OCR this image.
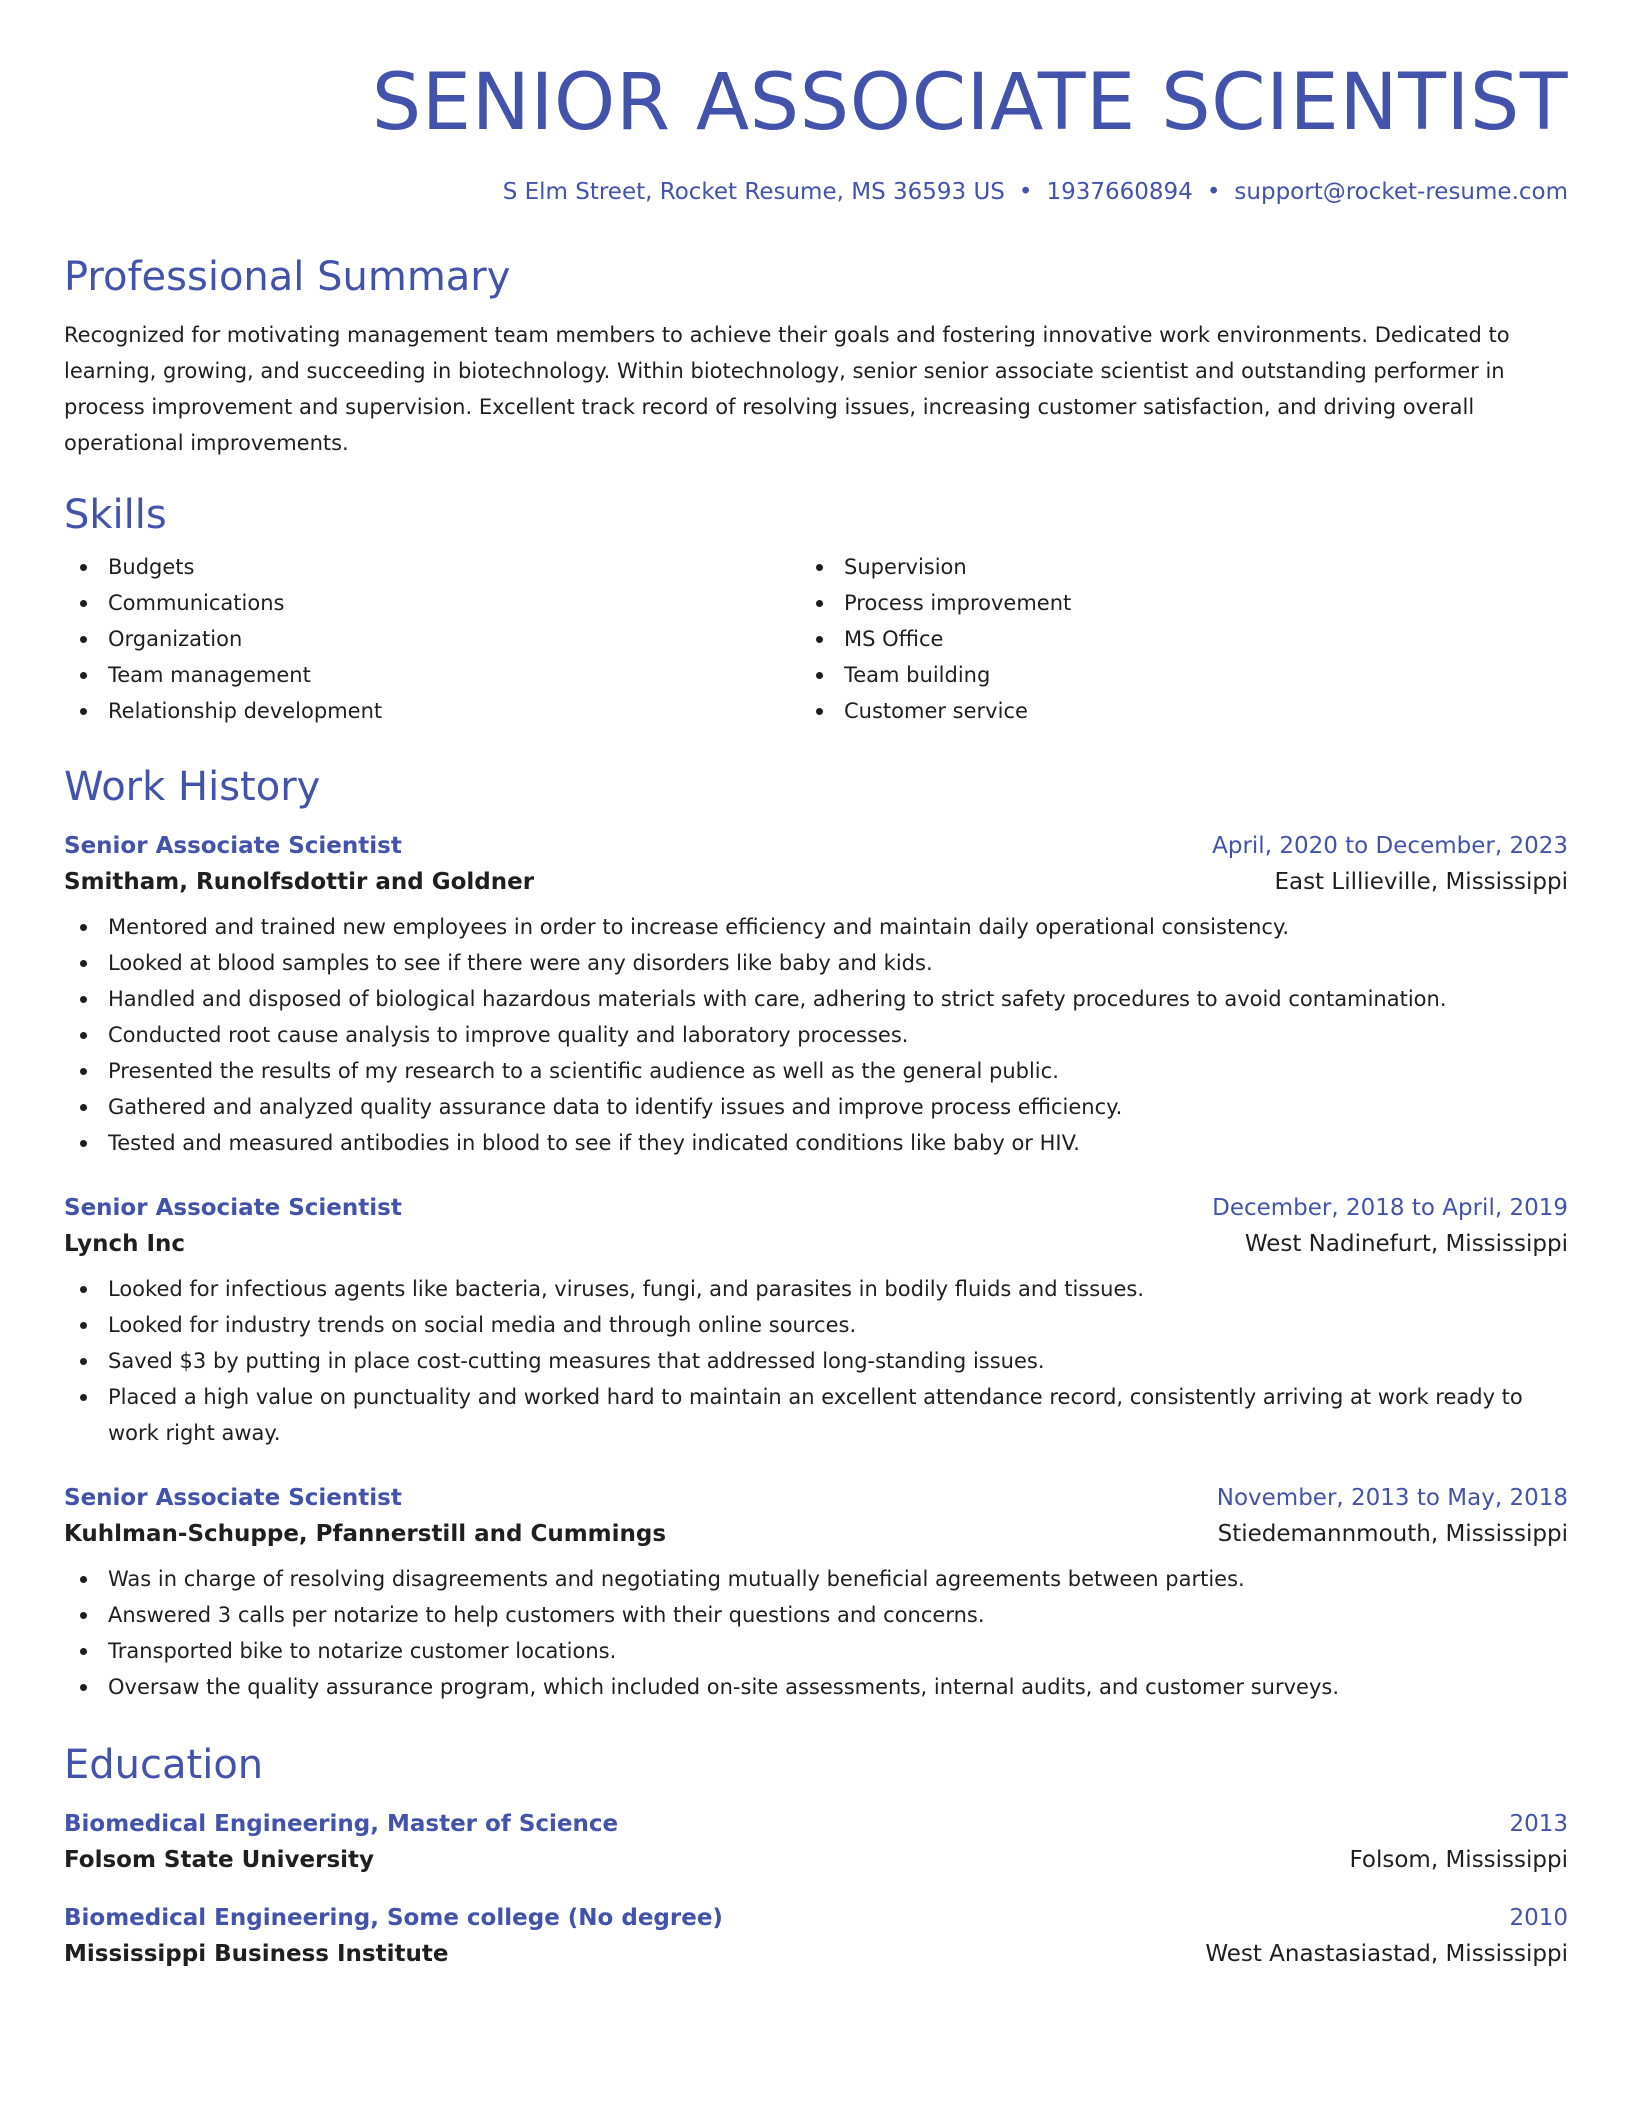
SENIOR ASSOCIATE SCIENTIST
S Elm Street, Rocket Resume, MS 36593 US • 1937660894 • support@rocket-resume.com
Professional Summary
Recognized for motivating management team members to achieve their goals and fostering innovative work environments. Dedicated to learning, growing, and succeeding in biotechnology. Within biotechnology, senior senior associate scientist and outstanding performer in process improvement and supervision. Excellent track record of resolving issues, increasing customer satisfaction, and driving overall operational improvements.
Skills
Budgets
Communications
Organization
Team management
Relationship development
Supervision
Process improvement
MS Office
Team building
Customer service
Work History
Senior Associate Scientist	April, 2020 to December, 2023
Smitham, Runolfsdottir and Goldner	East Lillieville, Mississippi
Mentored and trained new employees in order to increase efficiency and maintain daily operational consistency.
Looked at blood samples to see if there were any disorders like baby and kids.
Handled and disposed of biological hazardous materials with care, adhering to strict safety procedures to avoid contamination.
Conducted root cause analysis to improve quality and laboratory processes.
Presented the results of my research to a scientific audience as well as the general public.
Gathered and analyzed quality assurance data to identify issues and improve process efficiency.
Tested and measured antibodies in blood to see if they indicated conditions like baby or HIV.
Senior Associate Scientist	December, 2018 to April, 2019
Lynch Inc	West Nadinefurt, Mississippi
Looked for infectious agents like bacteria, viruses, fungi, and parasites in bodily fluids and tissues.
Looked for industry trends on social media and through online sources.
Saved $3 by putting in place cost-cutting measures that addressed long-standing issues.
Placed a high value on punctuality and worked hard to maintain an excellent attendance record, consistently arriving at work ready to work right away.
Senior Associate Scientist	November, 2013 to May, 2018
Kuhlman-Schuppe, Pfannerstill and Cummings	Stiedemannmouth, Mississippi
Was in charge of resolving disagreements and negotiating mutually beneficial agreements between parties.
Answered 3 calls per notarize to help customers with their questions and concerns.
Transported bike to notarize customer locations.
Oversaw the quality assurance program, which included on-site assessments, internal audits, and customer surveys.
Education
Biomedical Engineering, Master of Science	2013
Folsom State University	Folsom, Mississippi
Biomedical Engineering, Some college (No degree)	2010
Mississippi Business Institute	West Anastasiastad, Mississippi
